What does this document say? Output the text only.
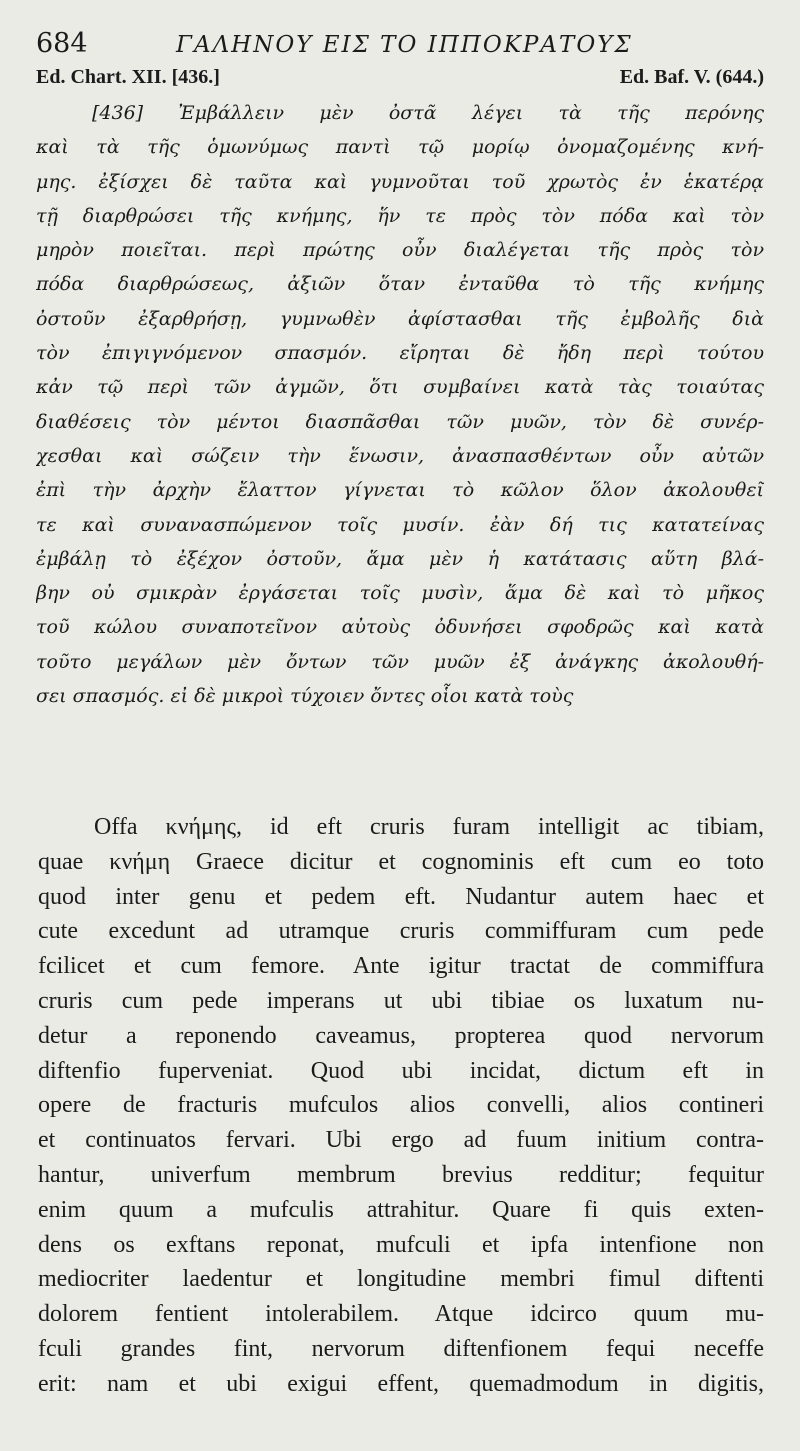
684	ΓΑΛΗΝΟΥ ΕΙΣ ΤΟ ΙΠΠΟΚΡΑΤΟΥΣ
Ed. Chart. XII. [436.]	Ed. Baf. V. (644.)
[436] Ἐμβάλλειν μὲν ὀστᾶ λέγει τὰ τῆς περόνης
καὶ τὰ τῆς ὁμωνύμως παντὶ τῷ μορίῳ ὀνομαζομένης κνή-
μης. ἐξίσχει δὲ ταῦτα καὶ γυμνοῦται τοῦ χρωτὸς ἐν ἑκατέρᾳ
τῇ διαρθρώσει τῆς κνήμης, ἥν τε πρὸς τὸν πόδα καὶ τὸν
μηρὸν ποιεῖται. περὶ πρώτης οὖν διαλέγεται τῆς πρὸς τὸν
πόδα διαρθρώσεως, ἀξιῶν ὅταν ἐνταῦθα τὸ τῆς κνήμης
ὀστοῦν ἐξαρθρήσῃ, γυμνωθὲν ἀφίστασθαι τῆς ἐμβολῆς διὰ
τὸν ἐπιγιγνόμενον σπασμόν. εἴρηται δὲ ἤδη περὶ τούτου
κἀν τῷ περὶ τῶν ἀγμῶν, ὅτι συμβαίνει κατὰ τὰς τοιαύτας
διαθέσεις τὸν μέντοι διασπᾶσθαι τῶν μυῶν, τὸν δὲ συνέρ-
χεσθαι καὶ σώζειν τὴν ἕνωσιν, ἀνασπασθέντων οὖν αὐτῶν
ἐπὶ τὴν ἀρχὴν ἔλαττον γίγνεται τὸ κῶλον ὅλον ἀκολουθεῖ
τε καὶ συνανασπώμενον τοῖς μυσίν. ἐὰν δή τις κατατείνας
ἐμβάλῃ τὸ ἐξέχον ὀστοῦν, ἅμα μὲν ἡ κατάτασις αὕτη βλά-
βην οὐ σμικρὰν ἐργάσεται τοῖς μυσὶν, ἅμα δὲ καὶ τὸ μῆκος
τοῦ κώλου συναποτεῖνον αὐτοὺς ὀδυνήσει σφοδρῶς καὶ κατὰ
τοῦτο μεγάλων μὲν ὄντων τῶν μυῶν ἐξ ἀνάγκης ἀκολουθή-
σει σπασμός. εἰ δὲ μικροὶ τύχοιεν ὄντες οἷοι κατὰ τοὺς
Offa κνήμης, id eft cruris furam intelligit ac tibiam,
quae κνήμη Graece dicitur et cognominis eft cum eo toto
quod inter genu et pedem eft. Nudantur autem haec et
cute excedunt ad utramque cruris commiffuram cum pede
fcilicet et cum femore. Ante igitur tractat de commiffura
cruris cum pede imperans ut ubi tibiae os luxatum nu-
detur a reponendo caveamus, propterea quod nervorum
diftenfio fuperveniat. Quod ubi incidat, dictum eft in
opere de fracturis mufculos alios convelli, alios contineri
et continuatos fervari. Ubi ergo ad fuum initium contra-
hantur, univerfum membrum brevius redditur; fequitur
enim quum a mufculis attrahitur. Quare fi quis exten-
dens os exftans reponat, mufculi et ipfa intenfione non
mediocriter laedentur et longitudine membri fimul diftenti
dolorem fentient intolerabilem. Atque idcirco quum mu-
fculi grandes fint, nervorum diftenfionem fequi neceffe
erit: nam et ubi exigui effent, quemadmodum in digitis,
